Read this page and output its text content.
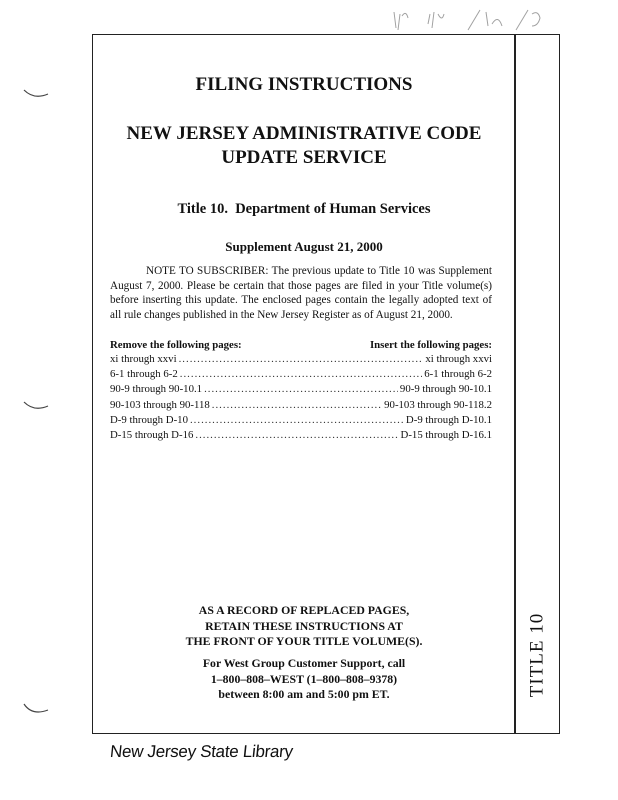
FILING INSTRUCTIONS
NEW JERSEY ADMINISTRATIVE CODE
UPDATE SERVICE
Title 10.  Department of Human Services
Supplement August 21, 2000

NOTE TO SUBSCRIBER: The previous update to Title 10 was Supplement August 7, 2000. Please be certain that those pages are filed in your Title volume(s) before inserting this update. The enclosed pages contain the legally adopted text of all rule changes published in the New Jersey Register as of August 21, 2000.

Remove the following pages:	Insert the following pages:
xi through xxvi .....	xi through xxvi
6-1 through 6-2 .....	6-1 through 6-2
90-9 through 90-10.1 .....	90-9 through 90-10.1
90-103 through 90-118 .....	90-103 through 90-118.2
D-9 through D-10 .....	D-9 through D-10.1
D-15 through D-16 .....	D-15 through D-16.1

AS A RECORD OF REPLACED PAGES,
RETAIN THESE INSTRUCTIONS AT
THE FRONT OF YOUR TITLE VOLUME(S).

For West Group Customer Support, call
1–800–808–WEST (1–800–808–9378)
between 8:00 am and 5:00 pm ET.	TITLE 10

New Jersey State Library
